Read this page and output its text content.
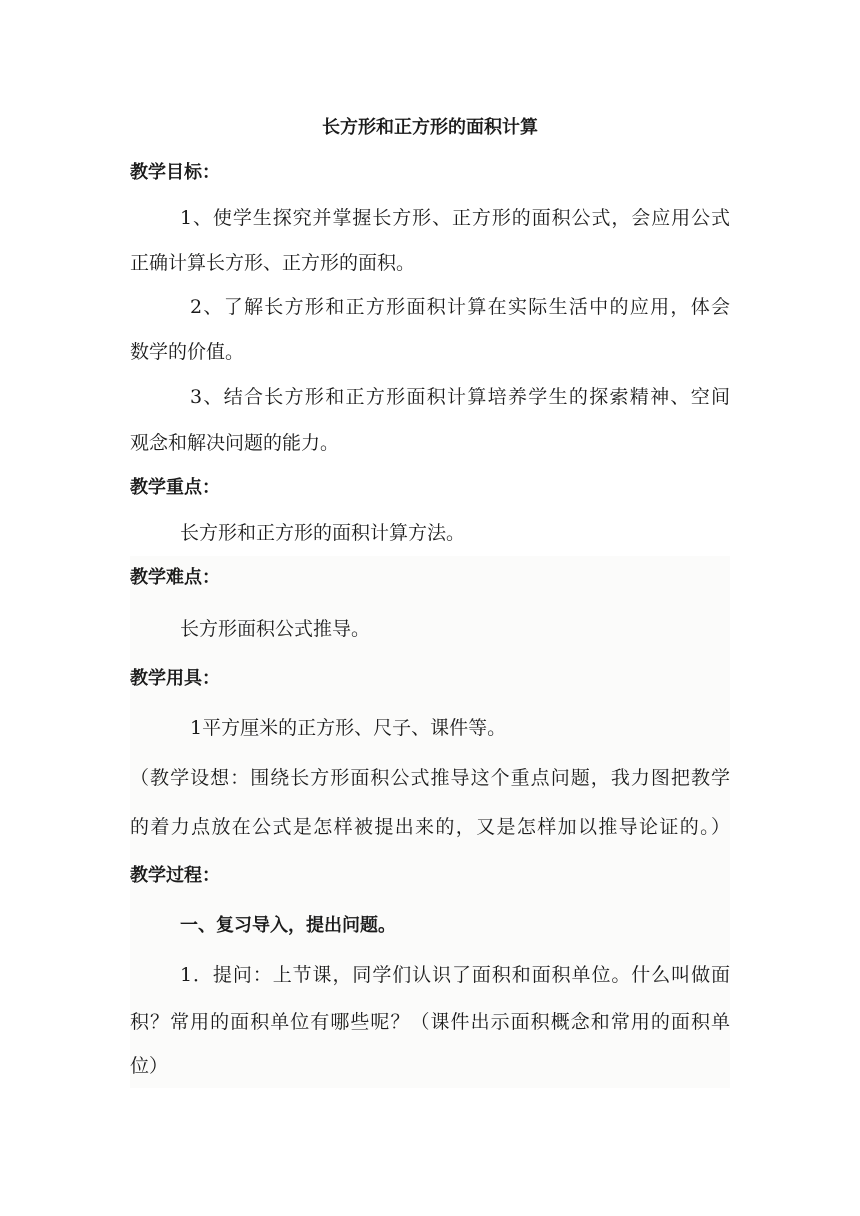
长方形和正方形的面积计算
教学目标：
1、使学生探究并掌握长方形、正方形的面积公式，会应用公式
正确计算长方形、正方形的面积。
2、了解长方形和正方形面积计算在实际生活中的应用，体会
数学的价值。
3、结合长方形和正方形面积计算培养学生的探索精神、空间
观念和解决问题的能力。
教学重点：
长方形和正方形的面积计算方法。
教学难点：
长方形面积公式推导。
教学用具：
1平方厘米的正方形、尺子、课件等。
（教学设想：围绕长方形面积公式推导这个重点问题，我力图把教学
的着力点放在公式是怎样被提出来的，又是怎样加以推导论证的。）
教学过程：
一、复习导入，提出问题。
1．提问：上节课，同学们认识了面积和面积单位。什么叫做面
积？常用的面积单位有哪些呢？（课件出示面积概念和常用的面积单
位）
